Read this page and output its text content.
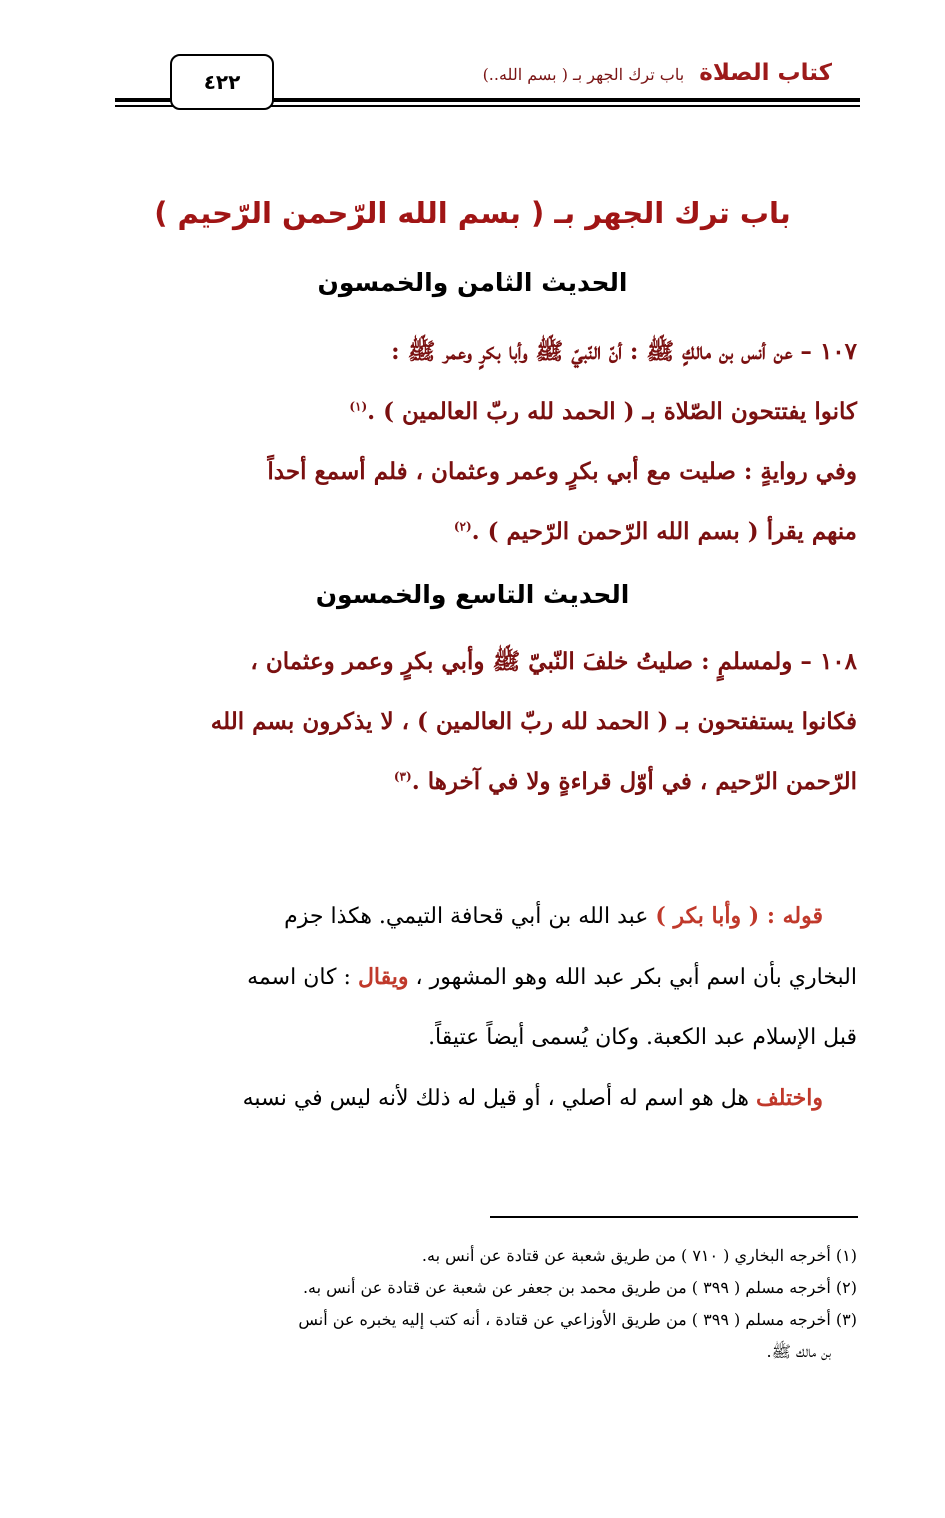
كتاب الصلاة باب ترك الجهر بـ ( بسم الله..)
٤٢٢
باب ترك الجهر بـ ( بسم الله الرّحمن الرّحيم )
الحديث الثامن والخمسون
١٠٧ – عن أنس بن مالكٍ ﷺ : أنّ النّبيّ ﷺ وأبا بكرٍ وعمر ﷺ :
كانوا يفتتحون الصّلاة بـ ( الحمد لله ربّ العالمين ) .$^{(١)}$
وفي روايةٍ : صليت مع أبي بكرٍ وعمر وعثمان ، فلم أسمع أحداً
منهم يقرأ ( بسم الله الرّحمن الرّحيم ) .$^{(٢)}$
الحديث التاسع والخمسون
١٠٨ – ولمسلمٍ : صليتُ خلفَ النّبيّ ﷺ وأبي بكرٍ وعمر وعثمان ،
فكانوا يستفتحون بـ ( الحمد لله ربّ العالمين ) ، لا يذكرون بسم الله
الرّحمن الرّحيم ، في أوّل قراءةٍ ولا في آخرها .$^{(٣)}$
قوله : ( وأبا بكر ) عبد الله بن أبي قحافة التيمي. هكذا جزم
البخاري بأن اسم أبي بكر عبد الله وهو المشهور ، ويقال : كان اسمه
قبل الإسلام عبد الكعبة. وكان يُسمى أيضاً عتيقاً.
واختلف هل هو اسم له أصلي ، أو قيل له ذلك لأنه ليس في نسبه
(١) أخرجه البخاري ( ٧١٠ ) من طريق شعبة عن قتادة عن أنس به.
(٢) أخرجه مسلم ( ٣٩٩ ) من طريق محمد بن جعفر عن شعبة عن قتادة عن أنس به.
(٣) أخرجه مسلم ( ٣٩٩ ) من طريق الأوزاعي عن قتادة ، أنه كتب إليه يخبره عن أنس
بن مالك ﷺ.
